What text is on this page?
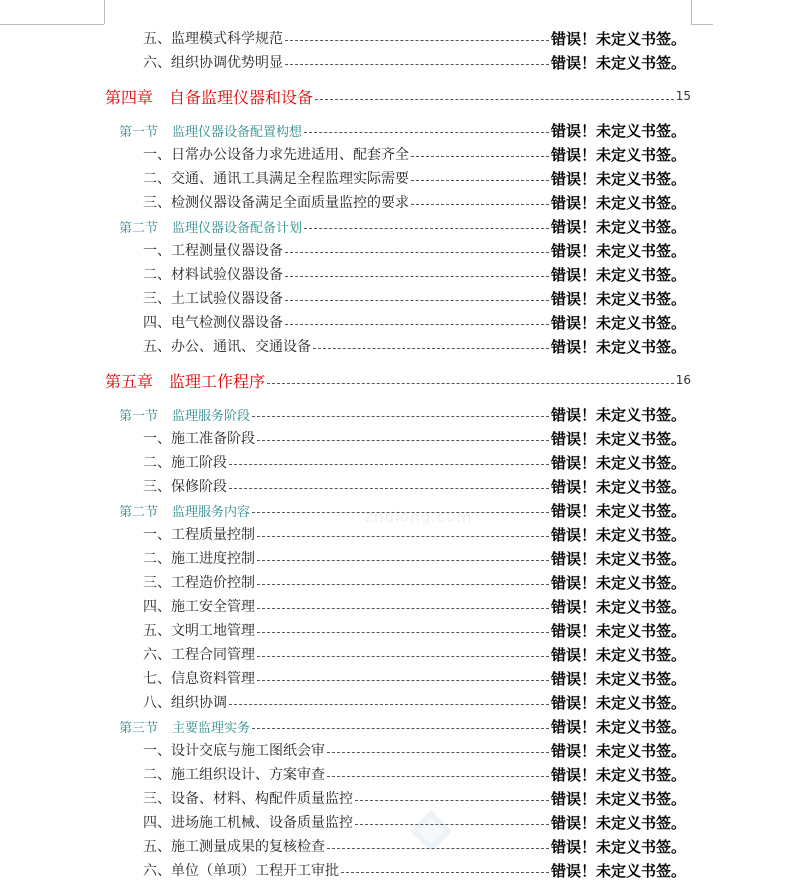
zhulong.com
五、监理模式科学规范	错误！未定义书签。
六、组织协调优势明显	错误！未定义书签。
第四章 自备监理仪器和设备	15
第一节 监理仪器设备配置构想	错误！未定义书签。
一、日常办公设备力求先进适用、配套齐全	错误！未定义书签。
二、交通、通讯工具满足全程监理实际需要	错误！未定义书签。
三、检测仪器设备满足全面质量监控的要求	错误！未定义书签。
第二节 监理仪器设备配备计划	错误！未定义书签。
一、工程测量仪器设备	错误！未定义书签。
二、材料试验仪器设备	错误！未定义书签。
三、土工试验仪器设备	错误！未定义书签。
四、电气检测仪器设备	错误！未定义书签。
五、办公、通讯、交通设备	错误！未定义书签。
第五章 监理工作程序	16
第一节 监理服务阶段	错误！未定义书签。
一、施工准备阶段	错误！未定义书签。
二、施工阶段	错误！未定义书签。
三、保修阶段	错误！未定义书签。
第二节 监理服务内容	错误！未定义书签。
一、工程质量控制	错误！未定义书签。
二、施工进度控制	错误！未定义书签。
三、工程造价控制	错误！未定义书签。
四、施工安全管理	错误！未定义书签。
五、文明工地管理	错误！未定义书签。
六、工程合同管理	错误！未定义书签。
七、信息资料管理	错误！未定义书签。
八、组织协调	错误！未定义书签。
第三节 主要监理实务	错误！未定义书签。
一、设计交底与施工图纸会审	错误！未定义书签。
二、施工组织设计、方案审查	错误！未定义书签。
三、设备、材料、构配件质量监控	错误！未定义书签。
四、进场施工机械、设备质量监控	错误！未定义书签。
五、施工测量成果的复核检查	错误！未定义书签。
六、单位（单项）工程开工审批	错误！未定义书签。
